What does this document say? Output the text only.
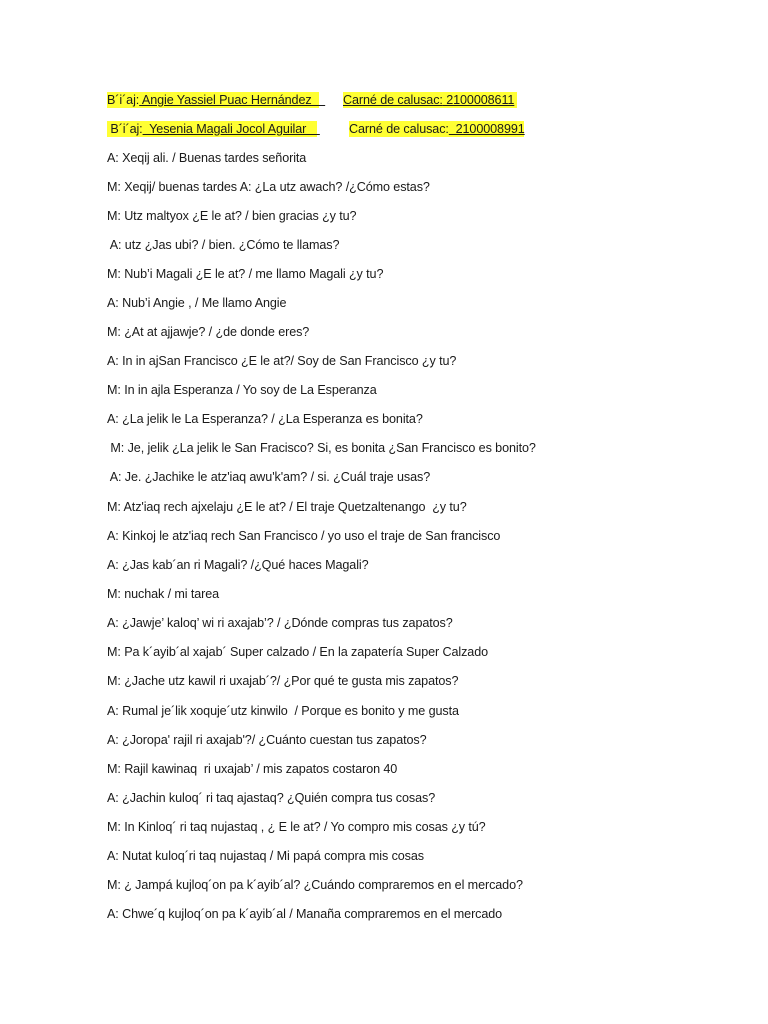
B´i´aj: Angie Yassiel Puac Hernández

Carné de calusac: 2100008611

B´i´aj:  Yesenia Magali Jocol Aguilar

Carné de calusac:  2100008991

A: Xeqij ali. / Buenas tardes señorita
M: Xeqij/ buenas tardes A: ¿La utz awach? /¿Cómo estas?
M: Utz maltyox ¿E le at? / bien gracias ¿y tu?
A: utz ¿Jas ubi? / bien. ¿Cómo te llamas?
M: Nub’i Magali ¿E le at? / me llamo Magali ¿y tu?
A: Nub’i Angie , / Me llamo Angie
M: ¿At at ajjawje? / ¿de donde eres?
A: In in ajSan Francisco ¿E le at?/ Soy de San Francisco ¿y tu?
M: In in ajla Esperanza / Yo soy de La Esperanza
A: ¿La jelik le La Esperanza? / ¿La Esperanza es bonita?
M: Je, jelik ¿La jelik le San Fracisco? Si, es bonita ¿San Francisco es bonito?
A: Je. ¿Jachike le atz'iaq awu'k'am? / si. ¿Cuál traje usas?
M: Atz'iaq rech ajxelaju ¿E le at? / El traje Quetzaltenango  ¿y tu?
A: Kinkoj le atz'iaq rech San Francisco / yo uso el traje de San francisco
A: ¿Jas kab´an ri Magali? /¿Qué haces Magali?
M: nuchak / mi tarea
A: ¿Jawje’ kaloq’ wi ri axajab’? / ¿Dónde compras tus zapatos?
M: Pa k´ayib´al xajab´ Super calzado / En la zapatería Super Calzado
M: ¿Jache utz kawil ri uxajab´?/ ¿Por qué te gusta mis zapatos?
A: Rumal je´lik xoquje´utz kinwilo  / Porque es bonito y me gusta
A: ¿Joropa' rajil ri axajab'?/ ¿Cuánto cuestan tus zapatos?
M: Rajil kawinaq  ri uxajab’ / mis zapatos costaron 40
A: ¿Jachin kuloq´ ri taq ajastaq? ¿Quién compra tus cosas?
M: In Kinloq´ ri taq nujastaq , ¿ E le at? / Yo compro mis cosas ¿y tú?
A: Nutat kuloq´ri taq nujastaq / Mi papá compra mis cosas
M: ¿ Jampá kujloq´on pa k´ayib´al? ¿Cuándo compraremos en el mercado?
A: Chwe´q kujloq´on pa k´ayib´al / Manaña compraremos en el mercado
